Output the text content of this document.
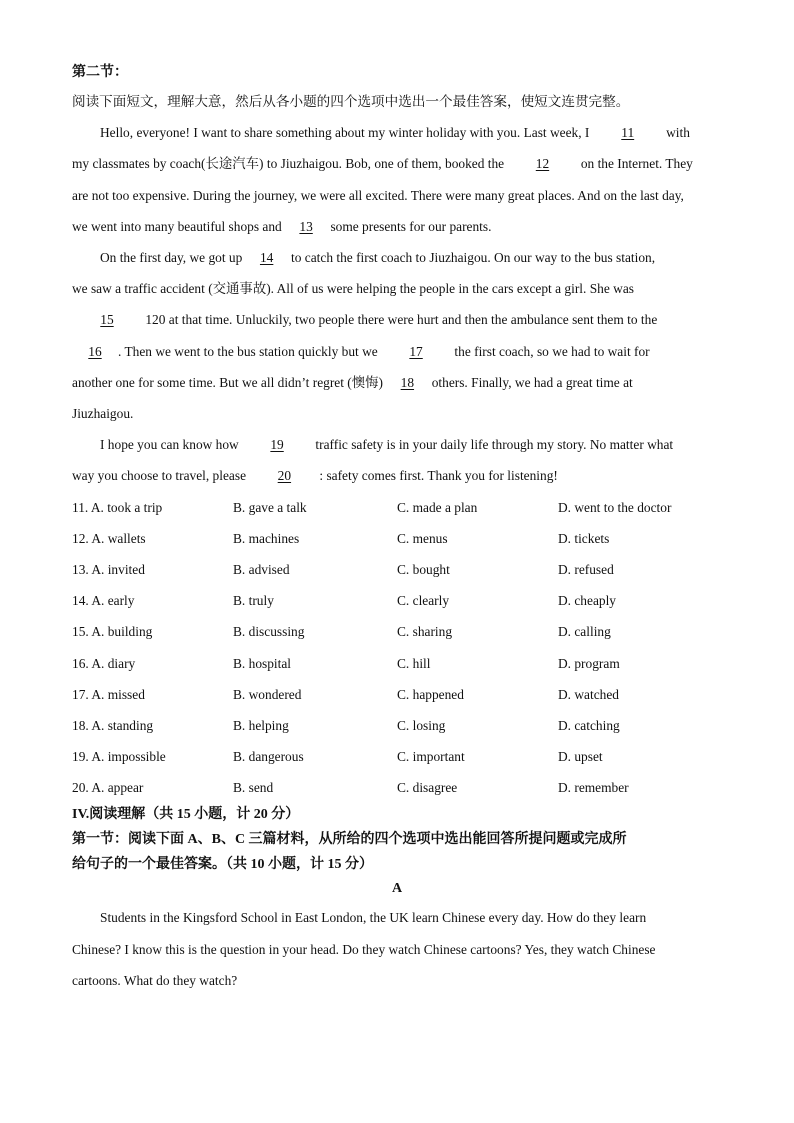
第二节：
阅读下面短文，理解大意，然后从各小题的四个选项中选出一个最佳答案，使短文连贯完整。
Hello, everyone! I want to share something about my winter holiday with you. Last week, I 11 with
my classmates by coach(长途汽车) to Jiuzhaigou. Bob, one of them, booked the 12 on the Internet. They
are not too expensive. During the journey, we were all excited. There were many great places. And on the last day,
we went into many beautiful shops and 13 some presents for our parents.
On the first day, we got up 14 to catch the first coach to Jiuzhaigou. On our way to the bus station,
we saw a traffic accident (交通事故). All of us were helping the people in the cars except a girl. She was
15 120 at that time. Unluckily, two people there were hurt and then the ambulance sent them to the
16 . Then we went to the bus station quickly but we 17 the first coach, so we had to wait for
another one for some time. But we all didn’t regret (懊悔) 18 others. Finally, we had a great time at
Jiuzhaigou.
I hope you can know how 19 traffic safety is in your daily life through my story. No matter what
way you choose to travel, please 20 : safety comes first. Thank you for listening!
11. A. took a trip	B. gave a talk	C. made a plan	D. went to the doctor
12. A. wallets	B. machines	C. menus	D. tickets
13. A. invited	B. advised	C. bought	D. refused
14. A. early	B. truly	C. clearly	D. cheaply
15. A. building	B. discussing	C. sharing	D. calling
16. A. diary	B. hospital	C. hill	D. program
17. A. missed	B. wondered	C. happened	D. watched
18. A. standing	B. helping	C. losing	D. catching
19. A. impossible	B. dangerous	C. important	D. upset
20. A. appear	B. send	C. disagree	D. remember
IV.阅读理解（共 15 小题，计 20 分）
第一节：阅读下面 A、B、C 三篇材料，从所给的四个选项中选出能回答所提问题或完成所
给句子的一个最佳答案。（共 10 小题，计 15 分）
A
Students in the Kingsford School in East London, the UK learn Chinese every day. How do they learn
Chinese? I know this is the question in your head. Do they watch Chinese cartoons? Yes, they watch Chinese
cartoons. What do they watch?
